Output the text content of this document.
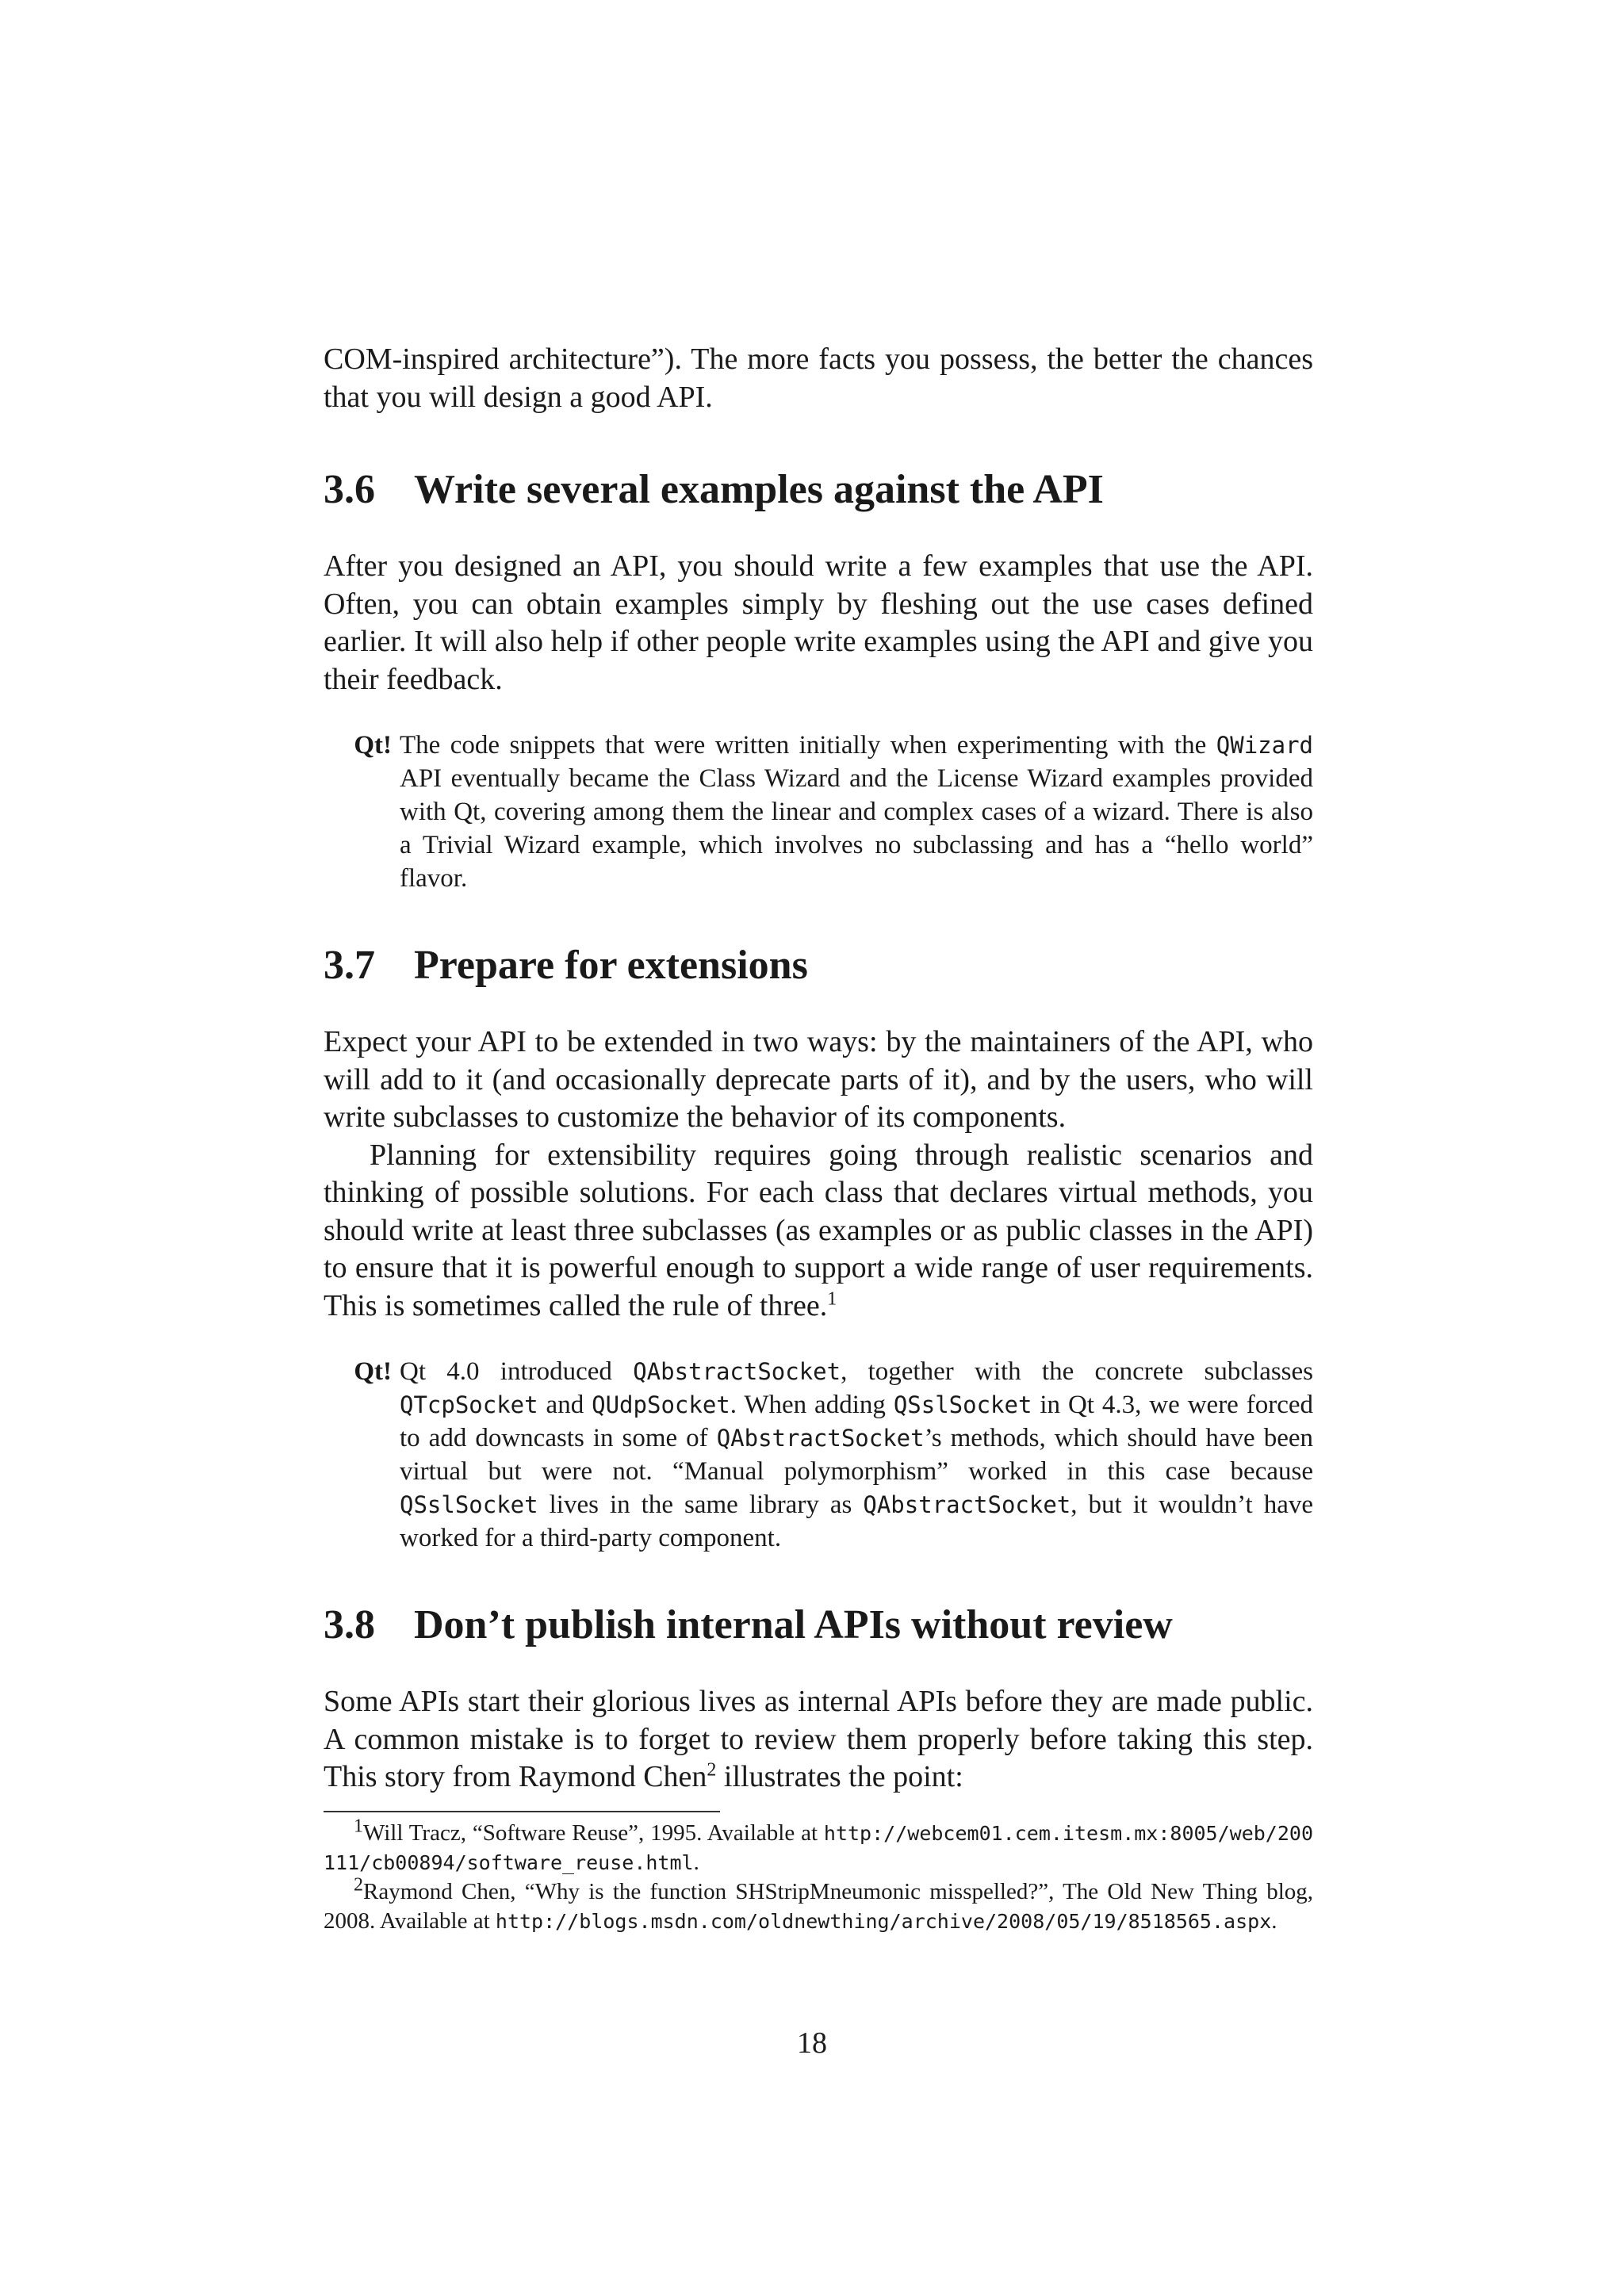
COM-inspired architecture”). The more facts you possess, the better the chances that you will design a good API.

3.6 Write several examples against the API

After you designed an API, you should write a few examples that use the API. Often, you can obtain examples simply by fleshing out the use cases defined earlier. It will also help if other people write examples using the API and give you their feedback.

Qt! The code snippets that were written initially when experimenting with the QWizard API eventually became the Class Wizard and the License Wizard examples provided with Qt, covering among them the linear and complex cases of a wizard. There is also a Trivial Wizard example, which involves no subclassing and has a “hello world” flavor.
3.7 Prepare for extensions

Expect your API to be extended in two ways: by the maintainers of the API, who will add to it (and occasionally deprecate parts of it), and by the users, who will write subclasses to customize the behavior of its components.

Planning for extensibility requires going through realistic scenarios and thinking of possible solutions. For each class that declares virtual methods, you should write at least three subclasses (as examples or as public classes in the API) to ensure that it is powerful enough to support a wide range of user requirements. This is sometimes called the rule of three.$^1$

Qt! Qt 4.0 introduced QAbstractSocket, together with the concrete subclasses QTcpSocket and QUdpSocket. When adding QSslSocket in Qt 4.3, we were forced to add downcasts in some of QAbstractSocket’s methods, which should have been virtual but were not. “Manual polymorphism” worked in this case because QSslSocket lives in the same library as QAbstractSocket, but it wouldn’t have worked for a third-party component.
3.8 Don’t publish internal APIs without review

Some APIs start their glorious lives as internal APIs before they are made public. A common mistake is to forget to review them properly before taking this step. This story from Raymond Chen$^2$ illustrates the point:

$^1$Will Tracz, “Software Reuse”, 1995. Available at http://webcem01.cem.itesm.mx:8005/web/200111/cb00894/software_reuse.html.

$^2$Raymond Chen, “Why is the function SHStripMneumonic misspelled?”, The Old New Thing blog, 2008. Available at http://blogs.msdn.com/oldnewthing/archive/2008/05/19/8518565.aspx.

18
